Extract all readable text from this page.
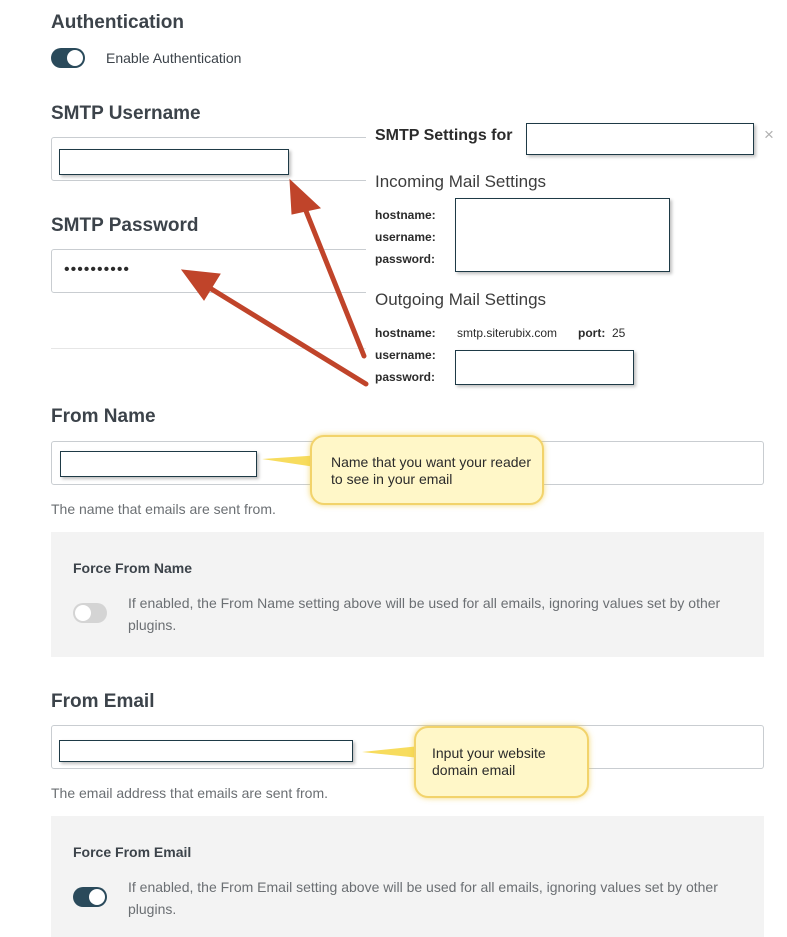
Authentication
Enable Authentication
SMTP Username
SMTP Password
••••••••••
From Name
The name that emails are sent from.
Force From Name
If enabled, the From Name setting above will be used for all emails, ignoring values set by other plugins.
From Email
The email address that emails are sent from.
Force From Email
If enabled, the From Email setting above will be used for all emails, ignoring values set by other plugins.
SMTP Settings for	×
Incoming Mail Settings
hostname:
username:
password:
Outgoing Mail Settings
hostname: smtp.siterubix.com port: 25
username:
password:
Name that you want your reader to see in your email
Input your website domain email
